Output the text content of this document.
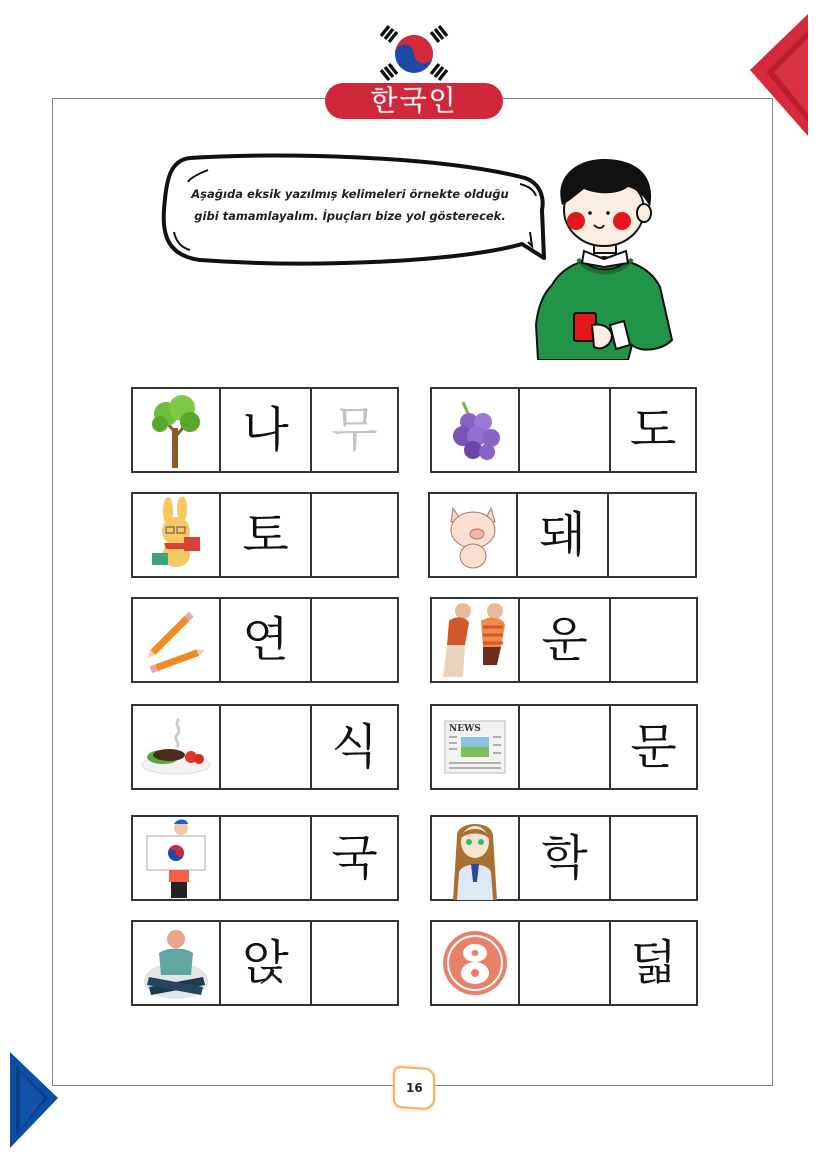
한국인
Aşağıda eksik yazılmış kelimeleri örnekte olduğu
gibi tamamlayalım. İpuçları bize yol gösterecek.
나 무
토
연
식
국
앉
도
돼
운
NEWS	문
학
덟
16
